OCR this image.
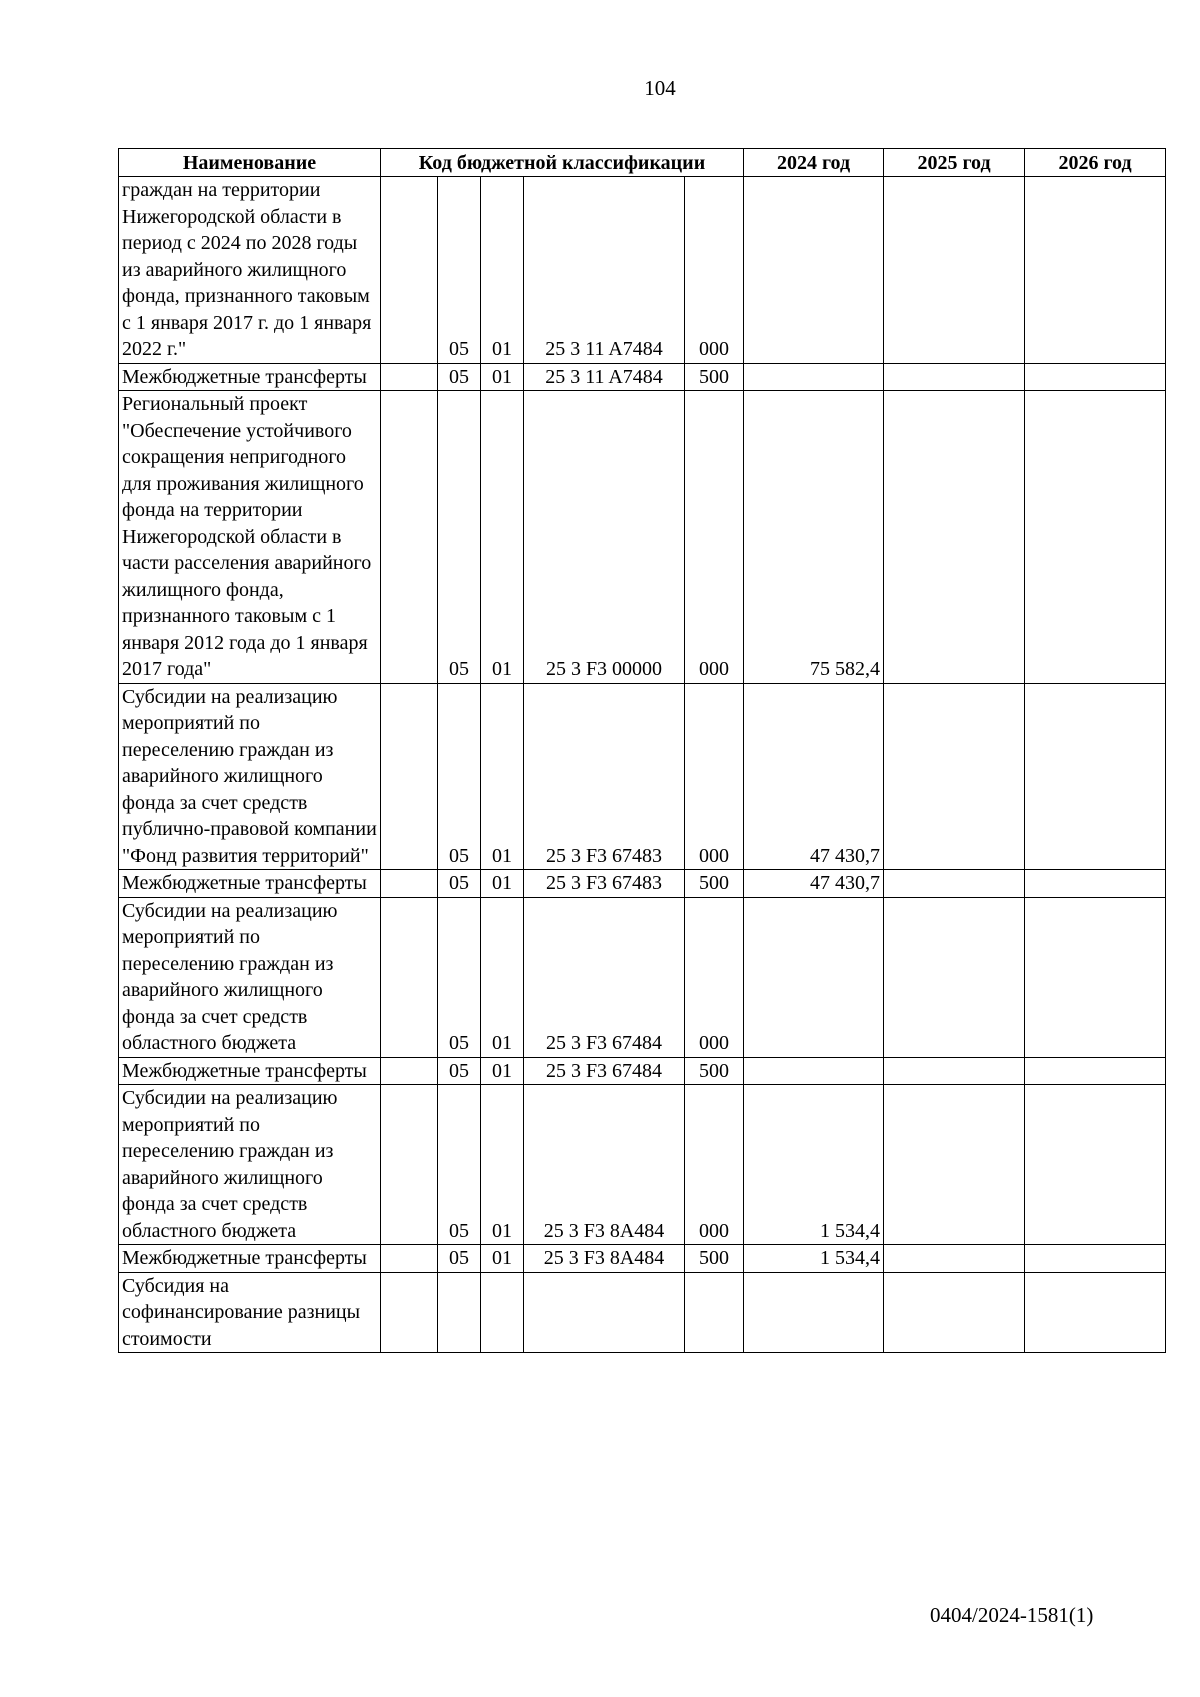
104
Наименование	Код бюджетной классификации					2024 год	2025 год	2026 год
граждан на территории Нижегородской области в период с 2024 по 2028 годы из аварийного жилищного фонда, признанного таковым с 1 января 2017 г. до 1 января 2022 г."		05	01	25 3 11 A7484	000			
Межбюджетные трансферты		05	01	25 3 11 A7484	500			
Региональный проект "Обеспечение устойчивого сокращения непригодного для проживания жилищного фонда на территории Нижегородской области в части расселения аварийного жилищного фонда, признанного таковым с 1 января 2012 года до 1 января 2017 года"		05	01	25 3 F3 00000	000	75 582,4		
Субсидии на реализацию мероприятий по переселению граждан из аварийного жилищного фонда за счет средств публично-правовой компании "Фонд развития территорий"		05	01	25 3 F3 67483	000	47 430,7		
Межбюджетные трансферты		05	01	25 3 F3 67483	500	47 430,7		
Субсидии на реализацию мероприятий по переселению граждан из аварийного жилищного фонда за счет средств областного бюджета		05	01	25 3 F3 67484	000			
Межбюджетные трансферты		05	01	25 3 F3 67484	500			
Субсидии на реализацию мероприятий по переселению граждан из аварийного жилищного фонда за счет средств областного бюджета		05	01	25 3 F3 8A484	000	1 534,4		
Межбюджетные трансферты		05	01	25 3 F3 8A484	500	1 534,4		
Субсидия на софинансирование разницы стоимости								
0404/2024-1581(1)
